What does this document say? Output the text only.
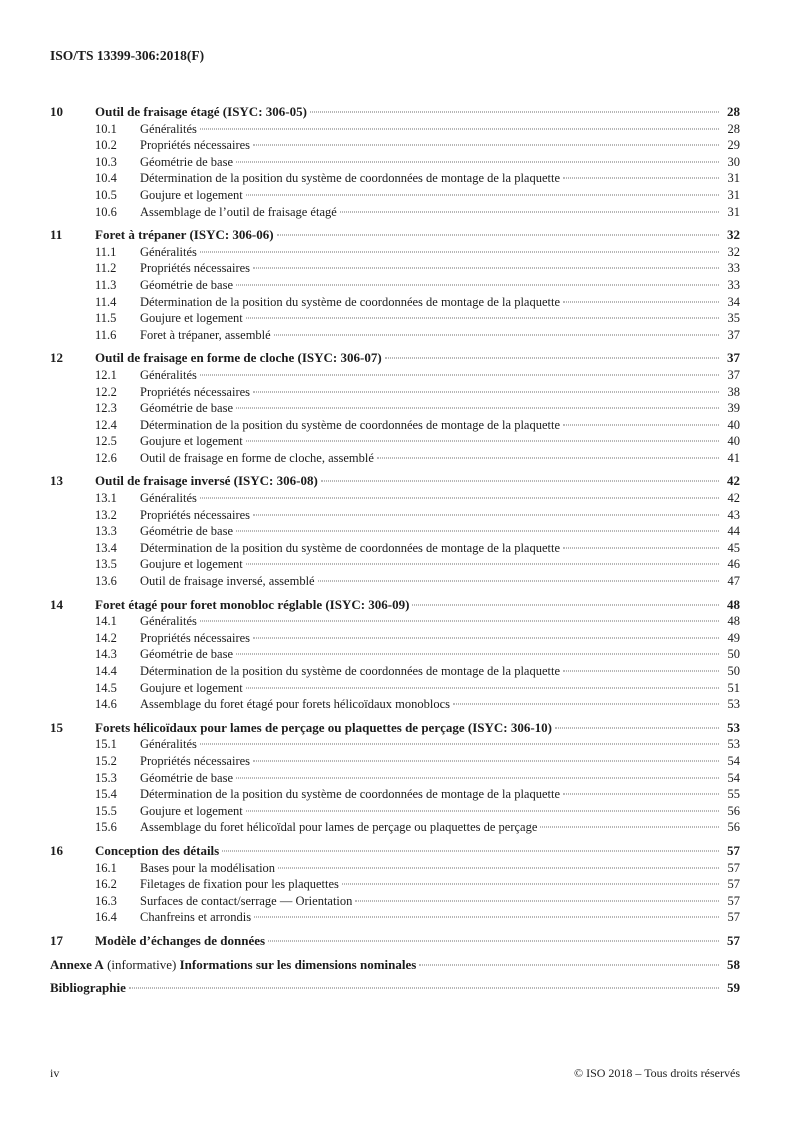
ISO/TS 13399-306:2018(F)
10	Outil de fraisage étagé (ISYC: 306-05)	28
10.1	Généralités	28
10.2	Propriétés nécessaires	29
10.3	Géométrie de base	30
10.4	Détermination de la position du système de coordonnées de montage de la plaquette	31
10.5	Goujure et logement	31
10.6	Assemblage de l’outil de fraisage étagé	31
11	Foret à trépaner (ISYC: 306-06)	32
11.1	Généralités	32
11.2	Propriétés nécessaires	33
11.3	Géométrie de base	33
11.4	Détermination de la position du système de coordonnées de montage de la plaquette	34
11.5	Goujure et logement	35
11.6	Foret à trépaner, assemblé	37
12	Outil de fraisage en forme de cloche (ISYC: 306-07)	37
12.1	Généralités	37
12.2	Propriétés nécessaires	38
12.3	Géométrie de base	39
12.4	Détermination de la position du système de coordonnées de montage de la plaquette	40
12.5	Goujure et logement	40
12.6	Outil de fraisage en forme de cloche, assemblé	41
13	Outil de fraisage inversé (ISYC: 306-08)	42
13.1	Généralités	42
13.2	Propriétés nécessaires	43
13.3	Géométrie de base	44
13.4	Détermination de la position du système de coordonnées de montage de la plaquette	45
13.5	Goujure et logement	46
13.6	Outil de fraisage inversé, assemblé	47
14	Foret étagé pour foret monobloc réglable (ISYC: 306-09)	48
14.1	Généralités	48
14.2	Propriétés nécessaires	49
14.3	Géométrie de base	50
14.4	Détermination de la position du système de coordonnées de montage de la plaquette	50
14.5	Goujure et logement	51
14.6	Assemblage du foret étagé pour forets hélicoïdaux monoblocs	53
15	Forets hélicoïdaux pour lames de perçage ou plaquettes de perçage (ISYC: 306-10)	53
15.1	Généralités	53
15.2	Propriétés nécessaires	54
15.3	Géométrie de base	54
15.4	Détermination de la position du système de coordonnées de montage de la plaquette	55
15.5	Goujure et logement	56
15.6	Assemblage du foret hélicoïdal pour lames de perçage ou plaquettes de perçage	56
16	Conception des détails	57
16.1	Bases pour la modélisation	57
16.2	Filetages de fixation pour les plaquettes	57
16.3	Surfaces de contact/serrage — Orientation	57
16.4	Chanfreins et arrondis	57
17	Modèle d’échanges de données	57
Annexe A (informative) Informations sur les dimensions nominales	58
Bibliographie	59
iv	© ISO 2018 – Tous droits réservés
